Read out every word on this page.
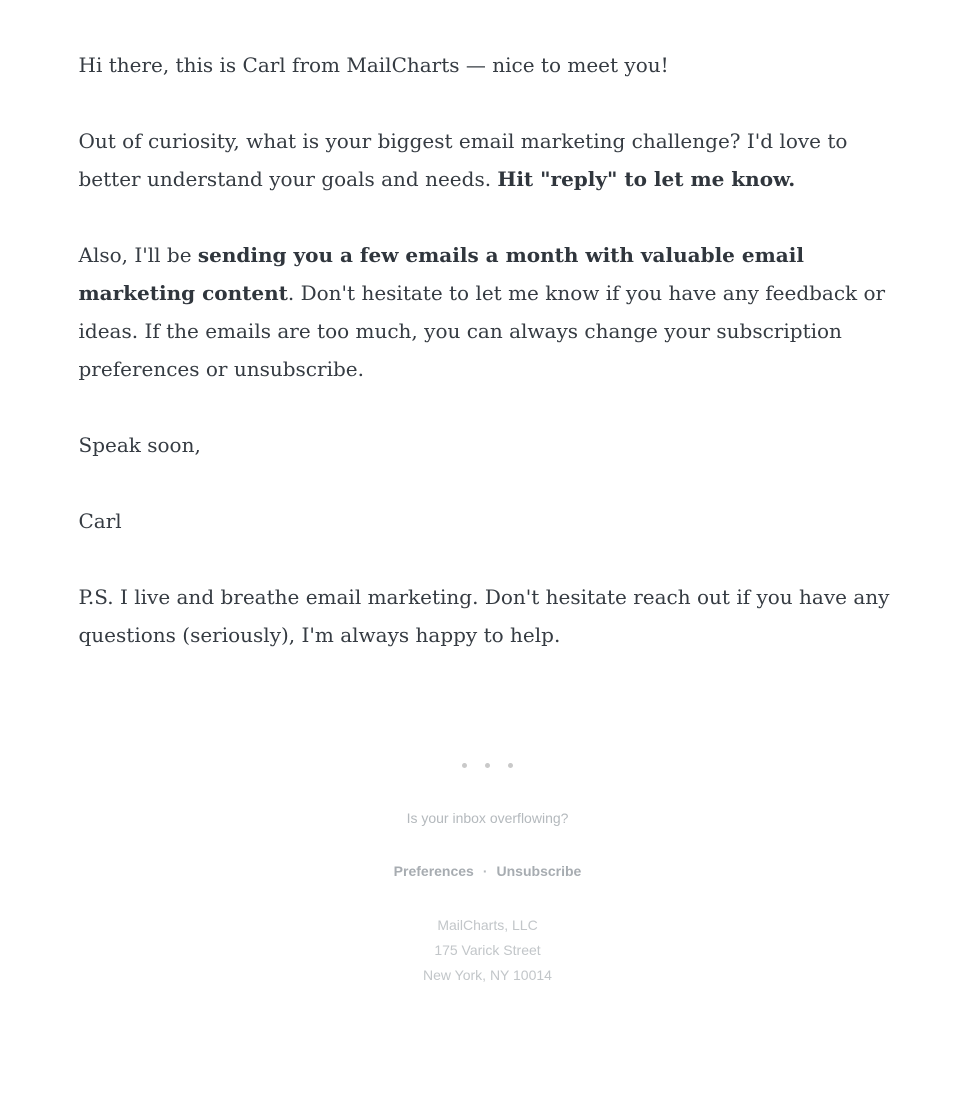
Hi there, this is Carl from MailCharts — nice to meet you!

Out of curiosity, what is your biggest email marketing challenge? I'd love to better understand your goals and needs. Hit "reply" to let me know.

Also, I'll be sending you a few emails a month with valuable email marketing content. Don't hesitate to let me know if you have any feedback or ideas. If the emails are too much, you can always change your subscription preferences or unsubscribe.

Speak soon,

Carl

P.S. I live and breathe email marketing. Don't hesitate reach out if you have any questions (seriously), I'm always happy to help.

Is your inbox overflowing?
Preferences · Unsubscribe
MailCharts, LLC
175 Varick Street
New York, NY 10014
